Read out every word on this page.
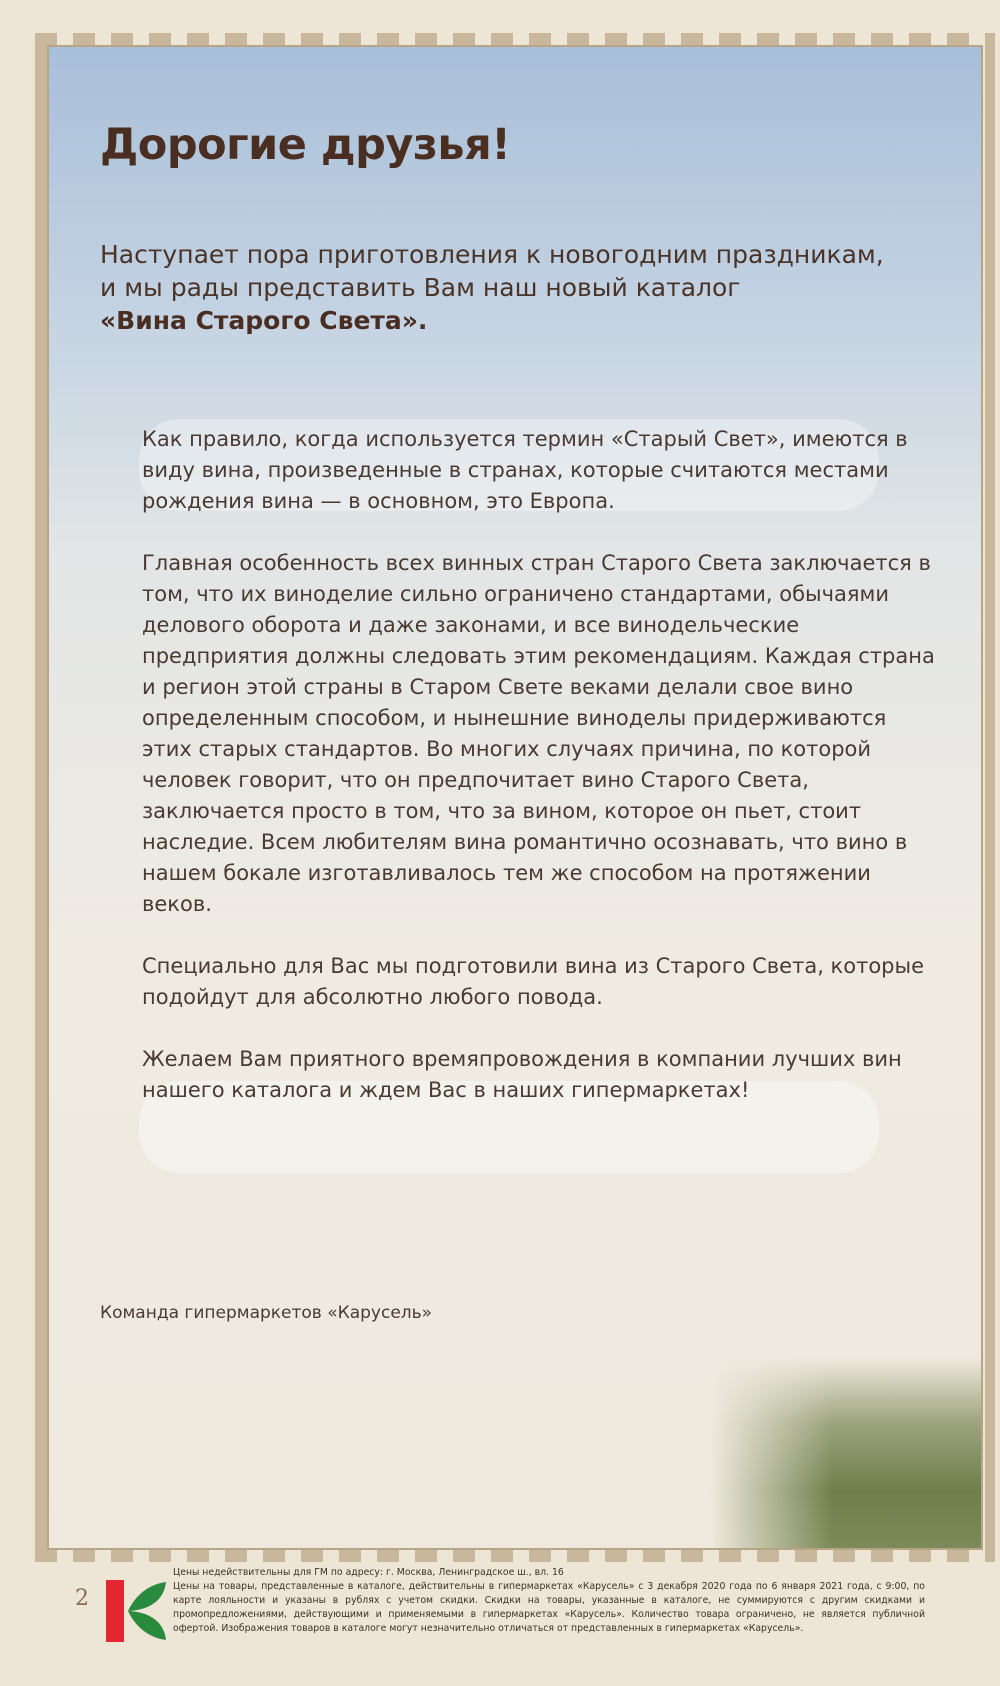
Дорогие друзья!

Наступает пора приготовления к новогодним праздникам,

и мы рады представить Вам наш новый каталог

«Вина Старого Света».

Как правило, когда используется термин «Старый Свет», имеются в виду вина, произведенные в странах, которые считаются местами рождения вина — в основном, это Европа.

Главная особенность всех винных стран Старого Света заключается в том, что их виноделие сильно ограничено стандартами, обычаями делового оборота и даже законами, и все винодельческие предприятия должны следовать этим рекомендациям. Каждая страна и регион этой страны в Старом Свете веками делали свое вино определенным способом, и нынешние виноделы придерживаются этих старых стандартов. Во многих случаях причина, по которой человек говорит, что он предпочитает вино Старого Света, заключается просто в том, что за вином, которое он пьет, стоит наследие. Всем любителям вина романтично осознавать, что вино в нашем бокале изготавливалось тем же способом на протяжении веков.

Специально для Вас мы подготовили вина из Старого Света, которые подойдут для абсолютно любого повода.

Желаем Вам приятного времяпровождения в компании лучших вин нашего каталога и ждем Вас в наших гипермаркетах!

Команда гипермаркетов «Карусель»
2

Цены недействительны для ГМ по адресу: г. Москва, Ленинградское ш., вл. 16

Цены на товары, представленные в каталоге, действительны в гипермаркетах «Карусель» с 3 декабря 2020 года по 6 января 2021 года, с 9:00, по карте лояльности и указаны в рублях с учетом скидки. Скидки на товары, указанные в каталоге, не суммируются с другим скидками и промопредложениями, действующими и применяемыми в гипермаркетах «Карусель». Количество товара ограничено, не является публичной офертой. Изображения товаров в каталоге могут незначительно отличаться от представленных в гипермаркетах «Карусель».
